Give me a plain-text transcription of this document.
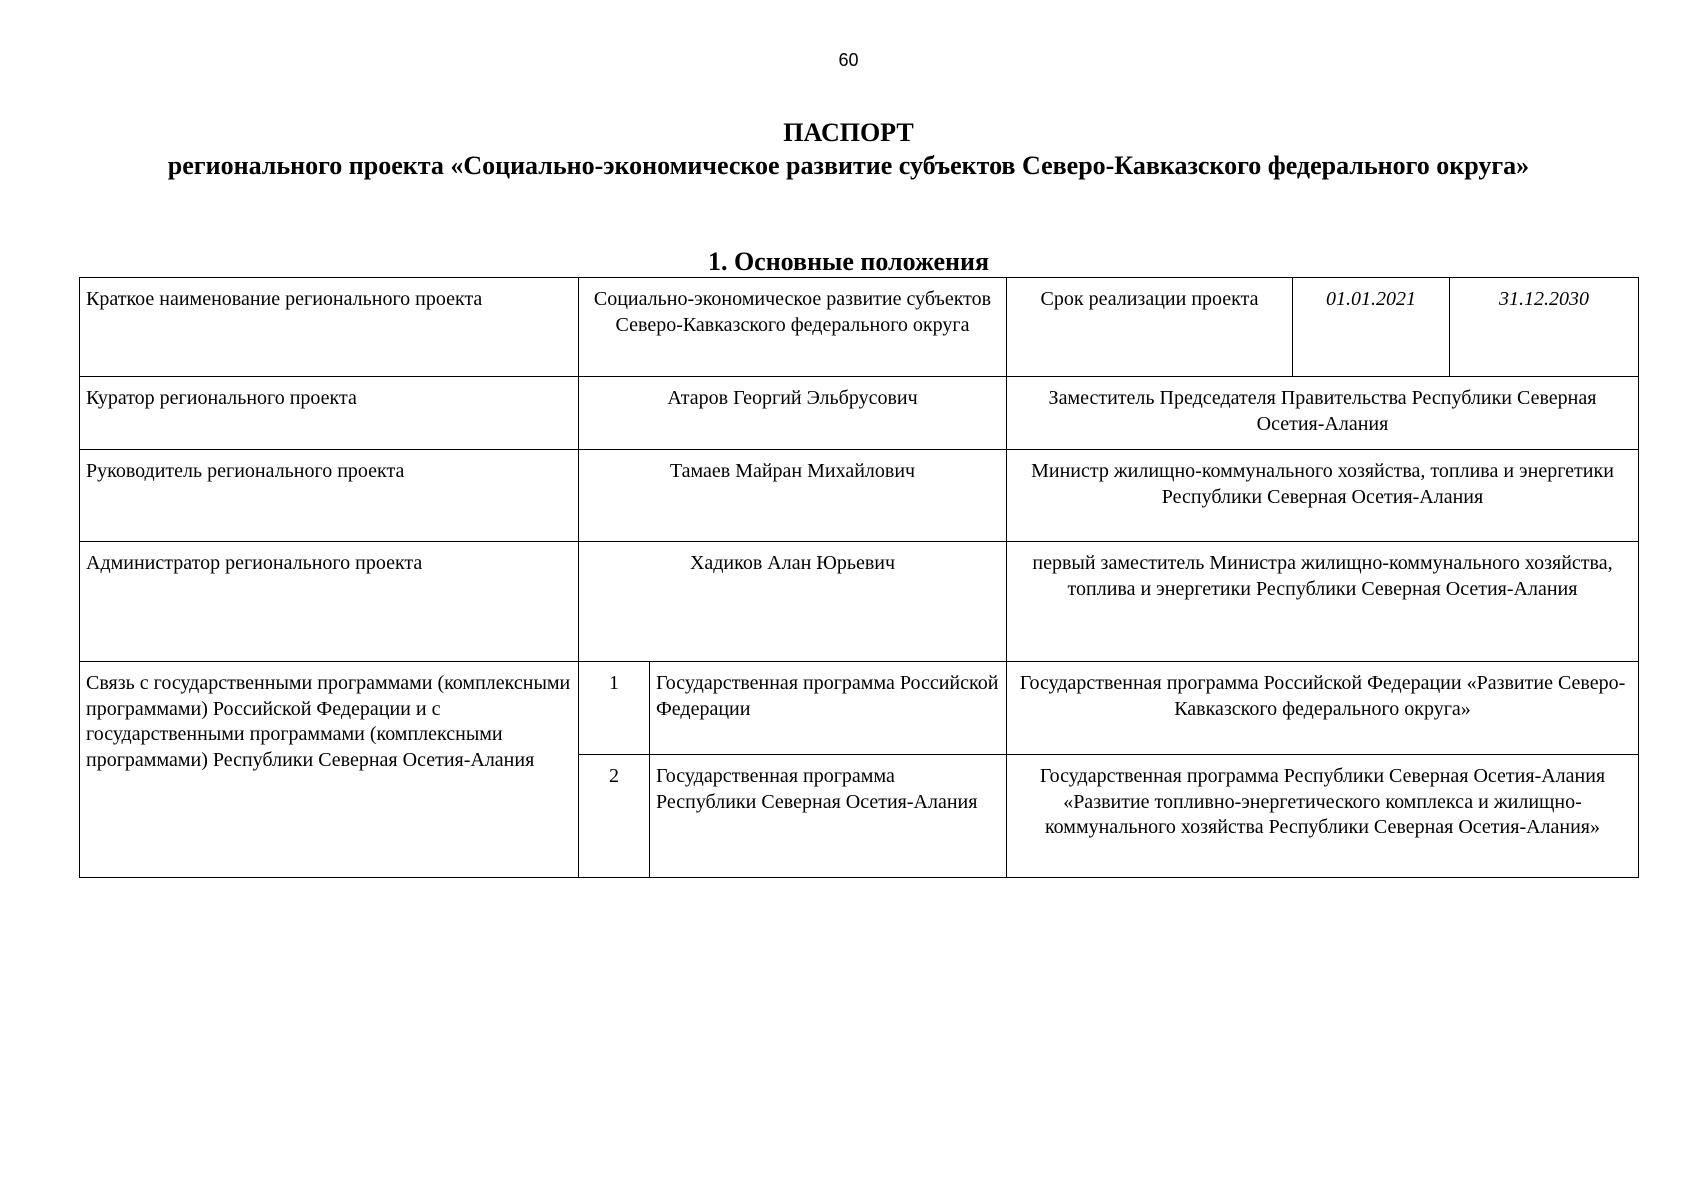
60
ПАСПОРТ
регионального проекта «Социально-экономическое развитие субъектов Северо-Кавказского федерального округа»
1. Основные положения
Краткое наименование регионального проекта	Социально-экономическое развитие субъектов Северо-Кавказского федерального округа		Срок реализации проекта	01.01.2021	31.12.2030
Куратор регионального проекта	Атаров Георгий Эльбрусович		Заместитель Председателя Правительства Республики Северная Осетия-Алания		
Руководитель регионального проекта	Тамаев Майран Михайлович		Министр жилищно-коммунального хозяйства, топлива и энергетики Республики Северная Осетия-Алания		
Администратор регионального проекта	Хадиков Алан Юрьевич		первый заместитель Министра жилищно-коммунального хозяйства, топлива и энергетики Республики Северная Осетия-Алания		
Связь с государственными программами (комплексными программами) Российской Федерации и с государственными программами (комплексными программами) Республики Северная Осетия-Алания	1	Государственная программа Российской Федерации	Государственная программа Российской Федерации «Развитие Северо-Кавказского федерального округа»		
	2	Государственная программа Республики Северная Осетия-Алания	Государственная программа Республики Северная Осетия-Алания «Развитие топливно-энергетического комплекса и жилищно-коммунального хозяйства Республики Северная Осетия-Алания»		
